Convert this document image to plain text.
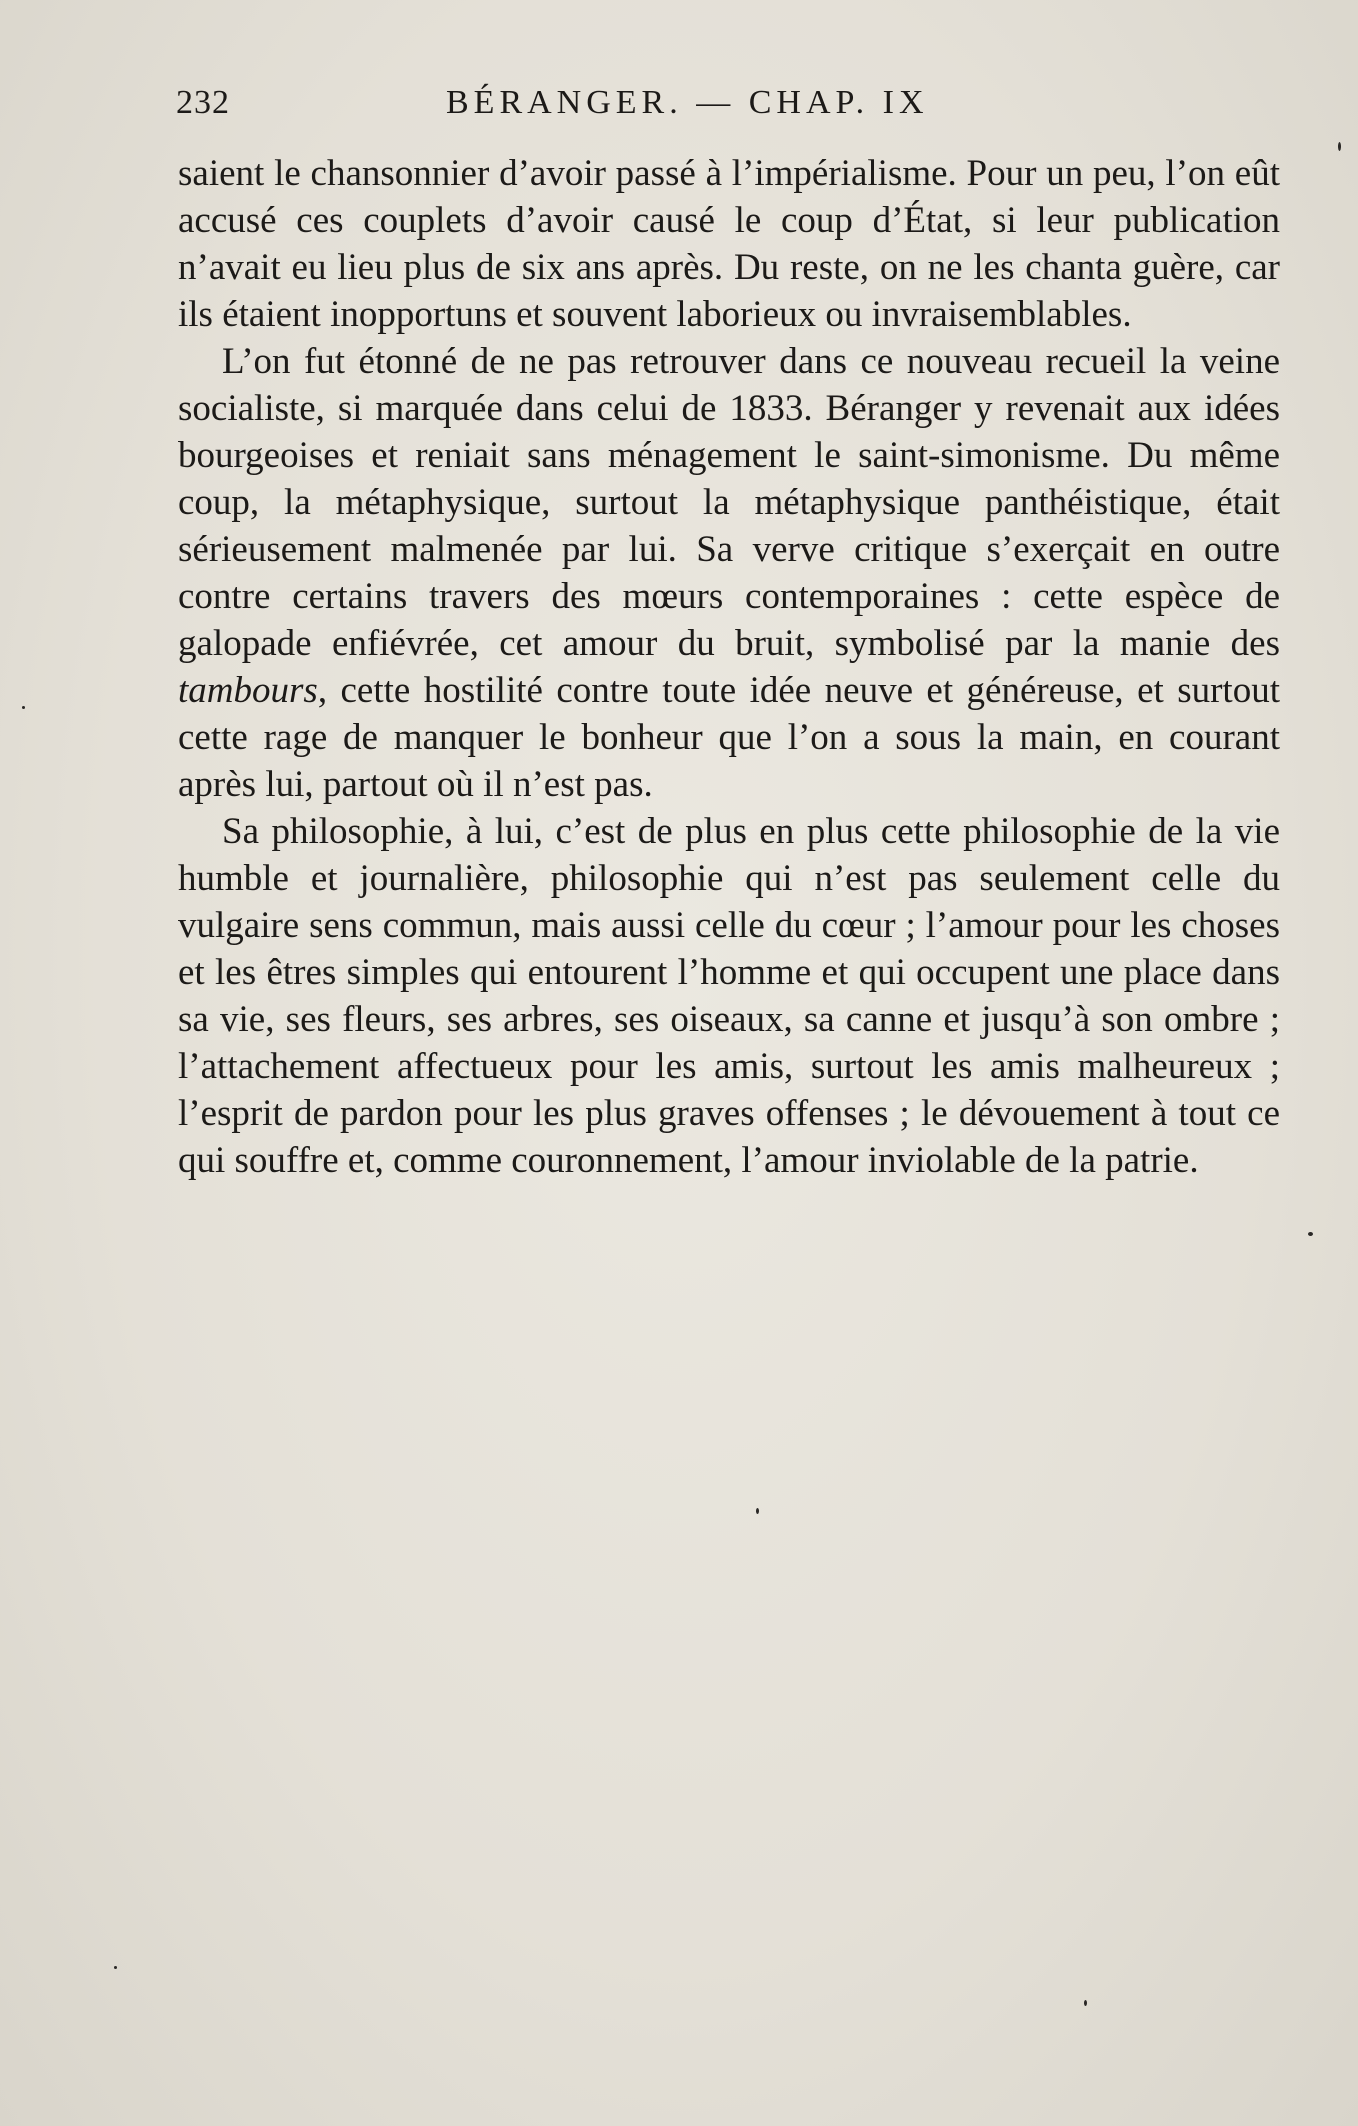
232	BÉRANGER. — CHAP. IX

saient le chansonnier d’avoir passé à l’impérialisme. Pour un peu, l’on eût accusé ces couplets d’avoir causé le coup d’État, si leur publication n’avait eu lieu plus de six ans après. Du reste, on ne les chanta guère, car ils étaient inopportuns et souvent laborieux ou invraisemblables.

L’on fut étonné de ne pas retrouver dans ce nouveau recueil la veine socialiste, si marquée dans celui de 1833. Béranger y revenait aux idées bourgeoises et reniait sans ménagement le saint-simonisme. Du même coup, la métaphysique, surtout la métaphysique panthéistique, était sérieusement malmenée par lui. Sa verve critique s’exerçait en outre contre certains travers des mœurs contemporaines : cette espèce de galopade enfiévrée, cet amour du bruit, symbolisé par la manie des tambours, cette hostilité contre toute idée neuve et généreuse, et surtout cette rage de manquer le bonheur que l’on a sous la main, en courant après lui, partout où il n’est pas.

Sa philosophie, à lui, c’est de plus en plus cette philosophie de la vie humble et journalière, philosophie qui n’est pas seulement celle du vulgaire sens commun, mais aussi celle du cœur ; l’amour pour les choses et les êtres simples qui entourent l’homme et qui occupent une place dans sa vie, ses fleurs, ses arbres, ses oiseaux, sa canne et jusqu’à son ombre ; l’attachement affectueux pour les amis, surtout les amis malheureux ; l’esprit de pardon pour les plus graves offenses ; le dévouement à tout ce qui souffre et, comme couronnement, l’amour inviolable de la patrie.
